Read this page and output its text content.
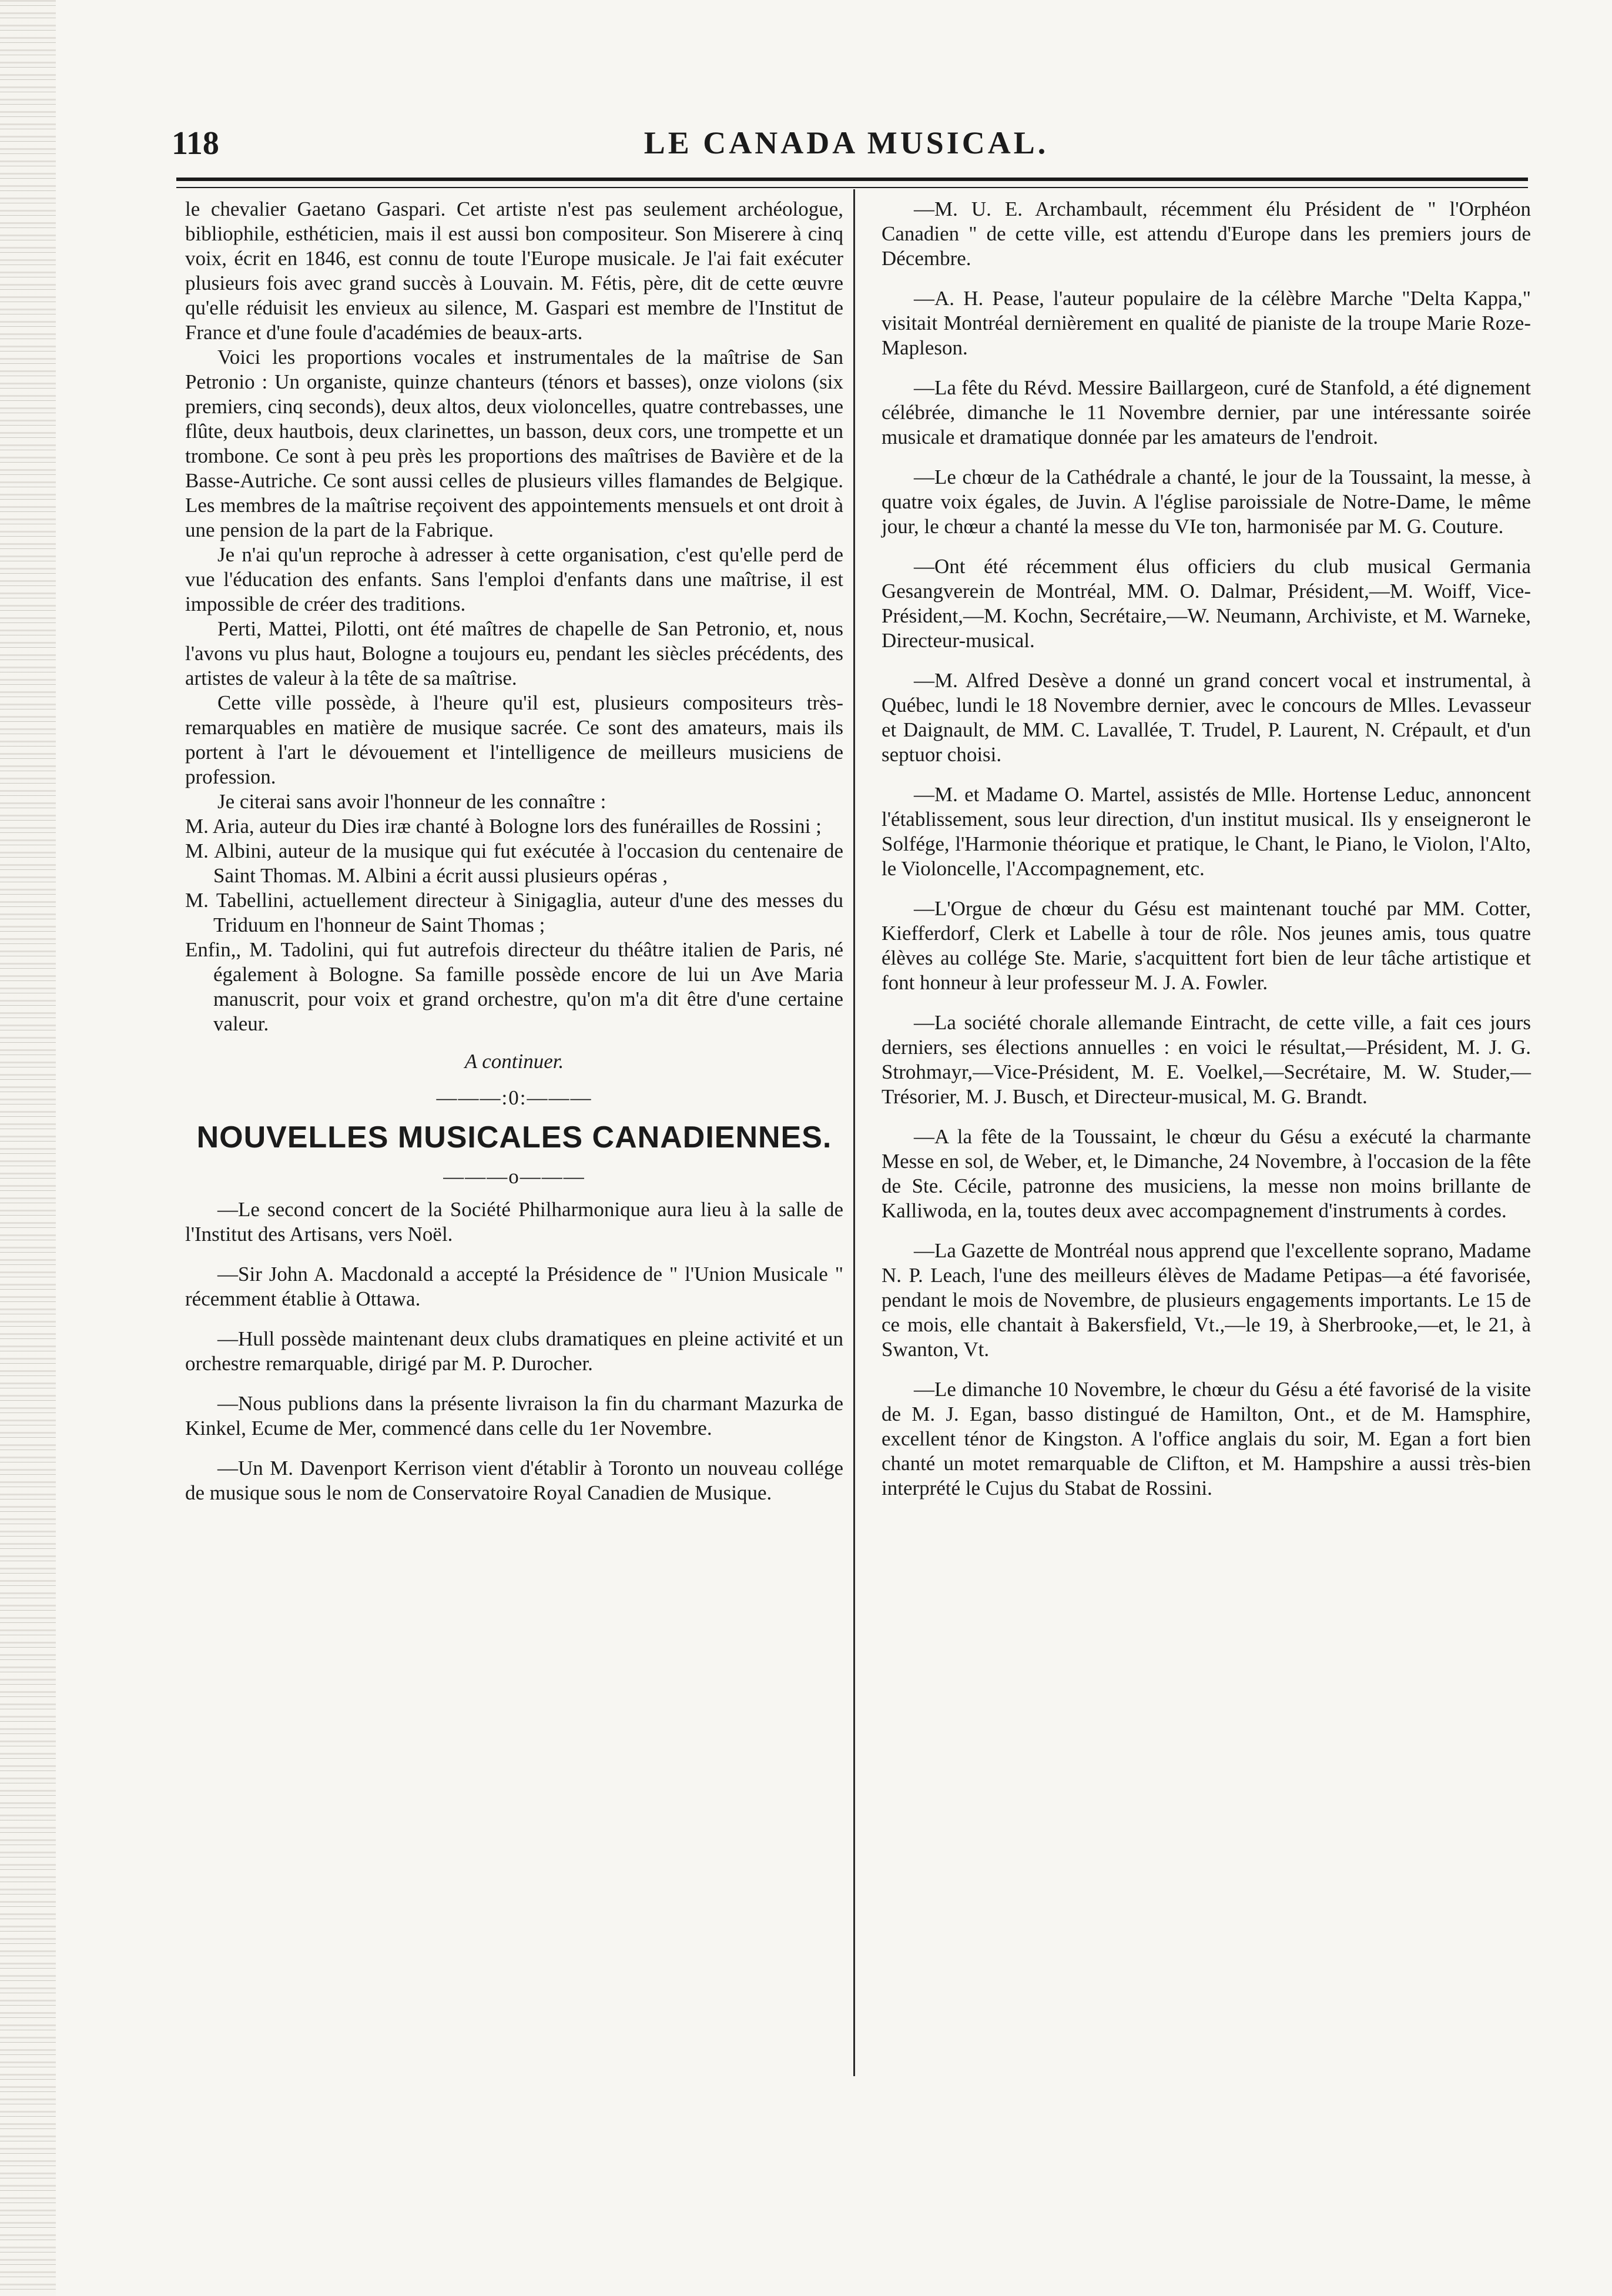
118	LE CANADA MUSICAL.

le chevalier Gaetano Gaspari. Cet artiste n'est pas seulement archéologue, bibliophile, esthéticien, mais il est aussi bon compositeur. Son Miserere à cinq voix, écrit en 1846, est connu de toute l'Europe musicale. Je l'ai fait exécuter plusieurs fois avec grand succès à Louvain. M. Fétis, père, dit de cette œuvre qu'elle réduisit les envieux au silence, M. Gaspari est membre de l'Institut de France et d'une foule d'académies de beaux-arts.

Voici les proportions vocales et instrumentales de la maîtrise de San Petronio : Un organiste, quinze chanteurs (ténors et basses), onze violons (six premiers, cinq seconds), deux altos, deux violoncelles, quatre contrebasses, une flûte, deux hautbois, deux clarinettes, un basson, deux cors, une trompette et un trombone. Ce sont à peu près les proportions des maîtrises de Bavière et de la Basse-Autriche. Ce sont aussi celles de plusieurs villes flamandes de Belgique. Les membres de la maîtrise reçoivent des appointements mensuels et ont droit à une pension de la part de la Fabrique.

Je n'ai qu'un reproche à adresser à cette organisation, c'est qu'elle perd de vue l'éducation des enfants. Sans l'emploi d'enfants dans une maîtrise, il est impossible de créer des traditions.

Perti, Mattei, Pilotti, ont été maîtres de chapelle de San Petronio, et, nous l'avons vu plus haut, Bologne a toujours eu, pendant les siècles précédents, des artistes de valeur à la tête de sa maîtrise.

Cette ville possède, à l'heure qu'il est, plusieurs compositeurs très-remarquables en matière de musique sacrée. Ce sont des amateurs, mais ils portent à l'art le dévouement et l'intelligence de meilleurs musiciens de profession.

Je citerai sans avoir l'honneur de les connaître :

M. Aria, auteur du Dies iræ chanté à Bologne lors des funérailles de Rossini ;

M. Albini, auteur de la musique qui fut exécutée à l'occasion du centenaire de Saint Thomas. M. Albini a écrit aussi plusieurs opéras ,

M. Tabellini, actuellement directeur à Sinigaglia, auteur d'une des messes du Triduum en l'honneur de Saint Thomas ;

Enfin,, M. Tadolini, qui fut autrefois directeur du théâtre italien de Paris, né également à Bologne. Sa famille possède encore de lui un Ave Maria manuscrit, pour voix et grand orchestre, qu'on m'a dit être d'une certaine valeur.

A continuer.

———:0:———

NOUVELLES MUSICALES CANADIENNES.

———o———

—Le second concert de la Société Philharmonique aura lieu à la salle de l'Institut des Artisans, vers Noël.

—Sir John A. Macdonald a accepté la Présidence de " l'Union Musicale " récemment établie à Ottawa.

—Hull possède maintenant deux clubs dramatiques en pleine activité et un orchestre remarquable, dirigé par M. P. Durocher.

—Nous publions dans la présente livraison la fin du charmant Mazurka de Kinkel, Ecume de Mer, commencé dans celle du 1er Novembre.

—Un M. Davenport Kerrison vient d'établir à Toronto un nouveau collége de musique sous le nom de Conservatoire Royal Canadien de Musique.

—M. U. E. Archambault, récemment élu Président de " l'Orphéon Canadien " de cette ville, est attendu d'Europe dans les premiers jours de Décembre.

—A. H. Pease, l'auteur populaire de la célèbre Marche "Delta Kappa," visitait Montréal dernièrement en qualité de pianiste de la troupe Marie Roze-Mapleson.

—La fête du Révd. Messire Baillargeon, curé de Stanfold, a été dignement célébrée, dimanche le 11 Novembre dernier, par une intéressante soirée musicale et dramatique donnée par les amateurs de l'endroit.

—Le chœur de la Cathédrale a chanté, le jour de la Toussaint, la messe, à quatre voix égales, de Juvin. A l'église paroissiale de Notre-Dame, le même jour, le chœur a chanté la messe du VIe ton, harmonisée par M. G. Couture.

—Ont été récemment élus officiers du club musical Germania Gesangverein de Montréal, MM. O. Dalmar, Président,—M. Woiff, Vice-Président,—M. Kochn, Secrétaire,—W. Neumann, Archiviste, et M. Warneke, Directeur-musical.

—M. Alfred Desève a donné un grand concert vocal et instrumental, à Québec, lundi le 18 Novembre dernier, avec le concours de Mlles. Levasseur et Daignault, de MM. C. Lavallée, T. Trudel, P. Laurent, N. Crépault, et d'un septuor choisi.

—M. et Madame O. Martel, assistés de Mlle. Hortense Leduc, annoncent l'établissement, sous leur direction, d'un institut musical. Ils y enseigneront le Solfége, l'Harmonie théorique et pratique, le Chant, le Piano, le Violon, l'Alto, le Violoncelle, l'Accompagnement, etc.

—L'Orgue de chœur du Gésu est maintenant touché par MM. Cotter, Kiefferdorf, Clerk et Labelle à tour de rôle. Nos jeunes amis, tous quatre élèves au collége Ste. Marie, s'acquittent fort bien de leur tâche artistique et font honneur à leur professeur M. J. A. Fowler.

—La société chorale allemande Eintracht, de cette ville, a fait ces jours derniers, ses élections annuelles : en voici le résultat,—Président, M. J. G. Strohmayr,—Vice-Président, M. E. Voelkel,—Secrétaire, M. W. Studer,—Trésorier, M. J. Busch, et Directeur-musical, M. G. Brandt.

—A la fête de la Toussaint, le chœur du Gésu a exécuté la charmante Messe en sol, de Weber, et, le Dimanche, 24 Novembre, à l'occasion de la fête de Ste. Cécile, patronne des musiciens, la messe non moins brillante de Kalliwoda, en la, toutes deux avec accompagnement d'instruments à cordes.

—La Gazette de Montréal nous apprend que l'excellente soprano, Madame N. P. Leach, l'une des meilleurs élèves de Madame Petipas—a été favorisée, pendant le mois de Novembre, de plusieurs engagements importants. Le 15 de ce mois, elle chantait à Bakersfield, Vt.,—le 19, à Sherbrooke,—et, le 21, à Swanton, Vt.

—Le dimanche 10 Novembre, le chœur du Gésu a été favorisé de la visite de M. J. Egan, basso distingué de Hamilton, Ont., et de M. Hamsphire, excellent ténor de Kingston. A l'office anglais du soir, M. Egan a fort bien chanté un motet remarquable de Clifton, et M. Hampshire a aussi très-bien interprété le Cujus du Stabat de Rossini.
